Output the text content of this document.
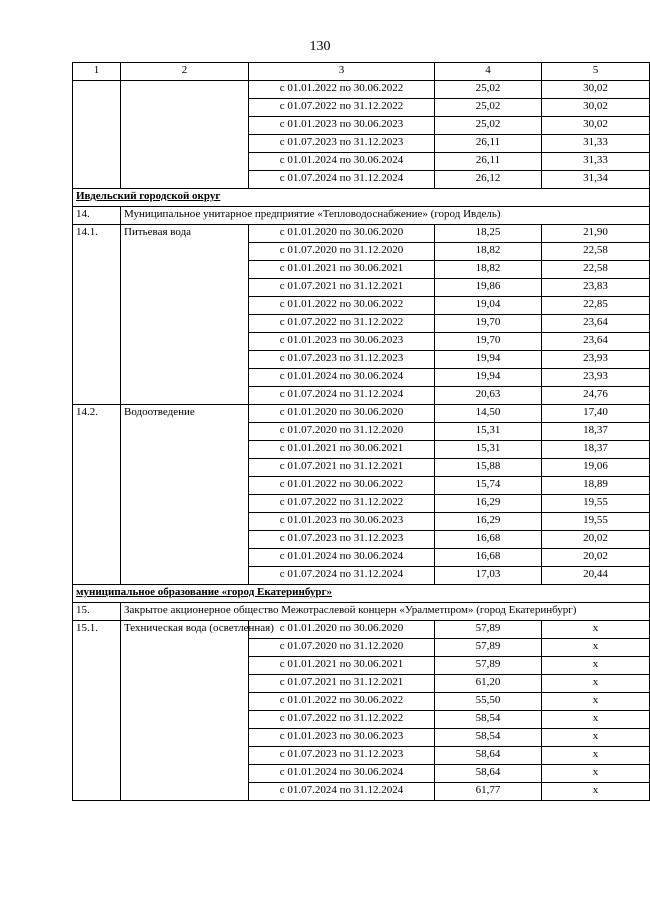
130
1	2	3	4	5
		с 01.01.2022 по 30.06.2022	25,02	30,02
		с 01.07.2022 по 31.12.2022	25,02	30,02
		с 01.01.2023 по 30.06.2023	25,02	30,02
		с 01.07.2023 по 31.12.2023	26,11	31,33
		с 01.01.2024 по 30.06.2024	26,11	31,33
		с 01.07.2024 по 31.12.2024	26,12	31,34
Ивдельский городской округ				
14.	Муниципальное унитарное предприятие «Тепловодоснабжение» (город Ивдель)			
14.1.	Питьевая вода	с 01.01.2020 по 30.06.2020	18,25	21,90
		с 01.07.2020 по 31.12.2020	18,82	22,58
		с 01.01.2021 по 30.06.2021	18,82	22,58
		с 01.07.2021 по 31.12.2021	19,86	23,83
		с 01.01.2022 по 30.06.2022	19,04	22,85
		с 01.07.2022 по 31.12.2022	19,70	23,64
		с 01.01.2023 по 30.06.2023	19,70	23,64
		с 01.07.2023 по 31.12.2023	19,94	23,93
		с 01.01.2024 по 30.06.2024	19,94	23,93
		с 01.07.2024 по 31.12.2024	20,63	24,76
14.2.	Водоотведение	с 01.01.2020 по 30.06.2020	14,50	17,40
		с 01.07.2020 по 31.12.2020	15,31	18,37
		с 01.01.2021 по 30.06.2021	15,31	18,37
		с 01.07.2021 по 31.12.2021	15,88	19,06
		с 01.01.2022 по 30.06.2022	15,74	18,89
		с 01.07.2022 по 31.12.2022	16,29	19,55
		с 01.01.2023 по 30.06.2023	16,29	19,55
		с 01.07.2023 по 31.12.2023	16,68	20,02
		с 01.01.2024 по 30.06.2024	16,68	20,02
		с 01.07.2024 по 31.12.2024	17,03	20,44
муниципальное образование «город Екатеринбург»				
15.	Закрытое акционерное общество Межотраслевой концерн «Уралметпром» (город Екатеринбург)			
15.1.	Техническая вода (осветленная)	с 01.01.2020 по 30.06.2020	57,89	х
		с 01.07.2020 по 31.12.2020	57,89	х
		с 01.01.2021 по 30.06.2021	57,89	х
		с 01.07.2021 по 31.12.2021	61,20	х
		с 01.01.2022 по 30.06.2022	55,50	х
		с 01.07.2022 по 31.12.2022	58,54	х
		с 01.01.2023 по 30.06.2023	58,54	х
		с 01.07.2023 по 31.12.2023	58,64	х
		с 01.01.2024 по 30.06.2024	58,64	х
		с 01.07.2024 по 31.12.2024	61,77	х
